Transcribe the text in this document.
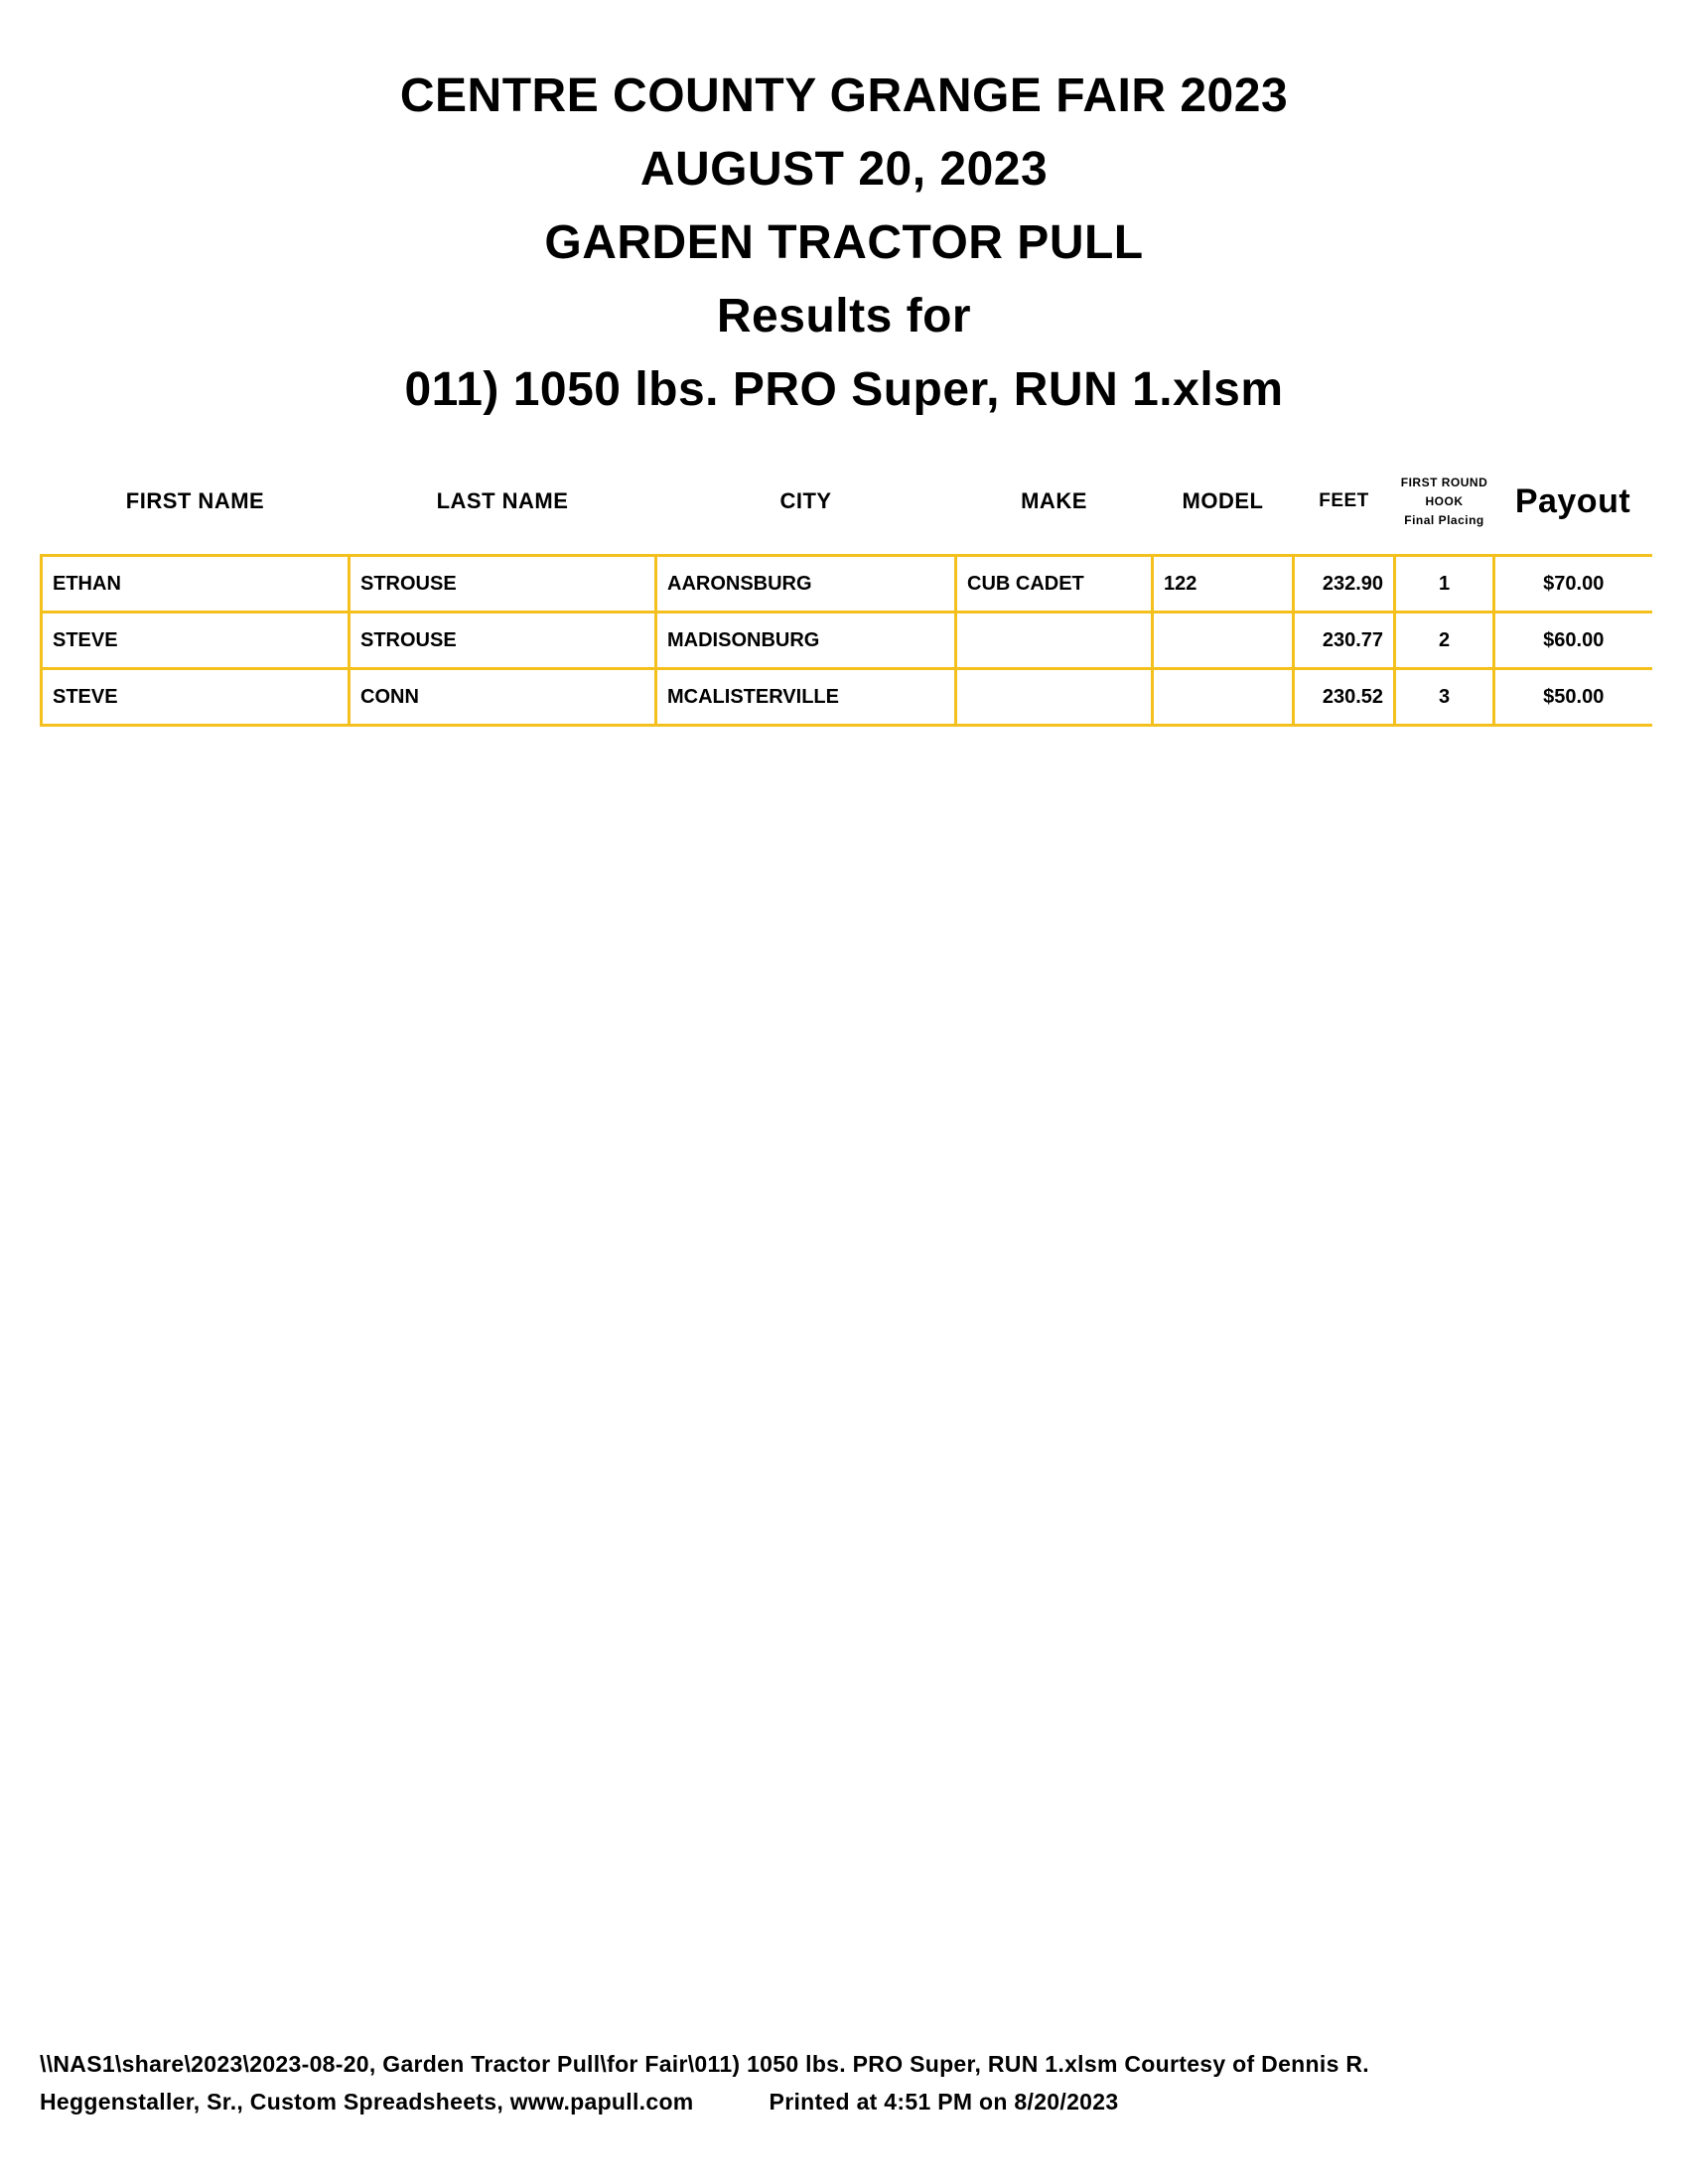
CENTRE COUNTY GRANGE FAIR 2023
AUGUST 20, 2023
GARDEN TRACTOR PULL
Results for
011) 1050 lbs. PRO Super, RUN 1.xlsm
FIRST NAME	LAST NAME	CITY	MAKE	MODEL	FEET	FIRST ROUND
HOOK
Final Placing	Payout

ETHAN	STROUSE	AARONSBURG	CUB CADET	122	232.90	1	$70.00
STEVE	STROUSE	MADISONBURG			230.77	2	$60.00
STEVE	CONN	MCALISTERVILLE			230.52	3	$50.00
\\NAS1\share\2023\2023-08-20, Garden Tractor Pull\for Fair\011) 1050 lbs. PRO Super, RUN 1.xlsm Courtesy of Dennis R.
Heggenstaller, Sr., Custom Spreadsheets, www.papull.com	Printed at 4:51 PM on 8/20/2023
